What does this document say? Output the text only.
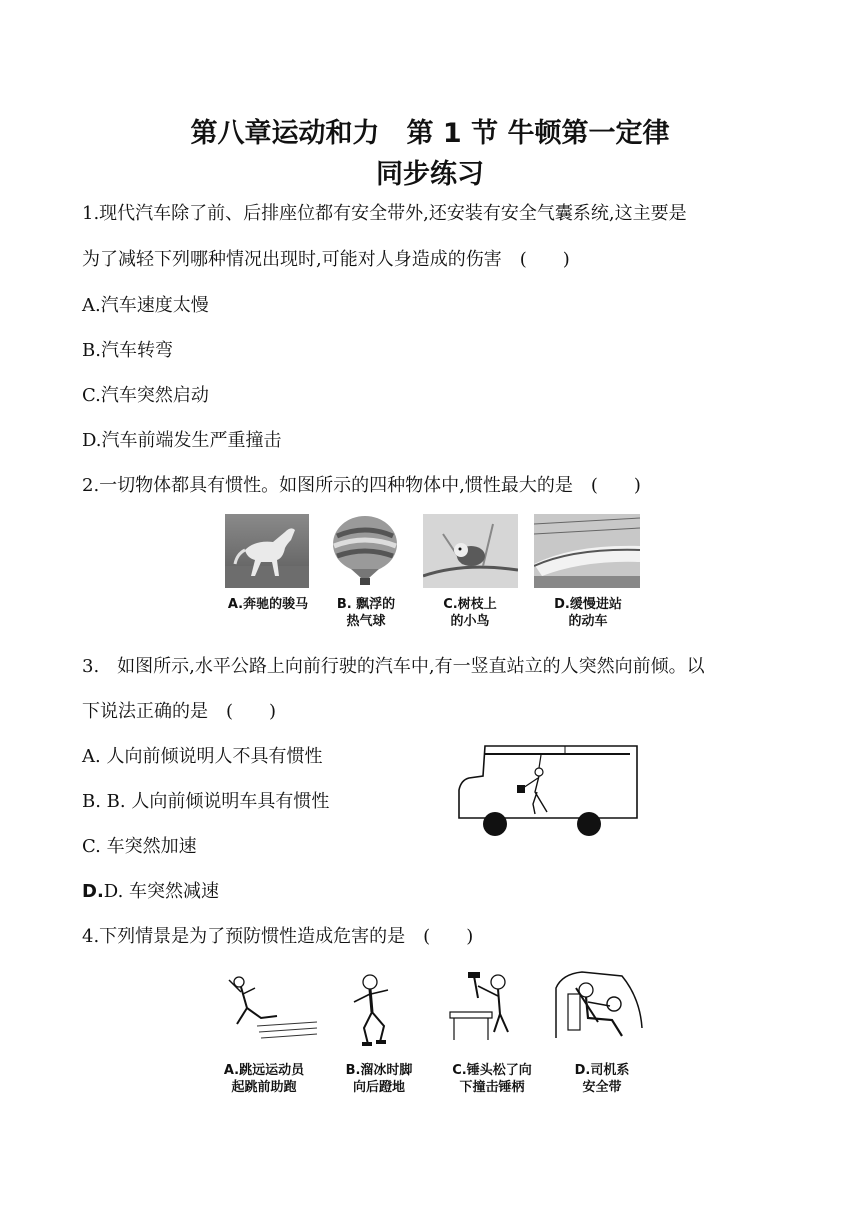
第八章运动和力　第 1 节 牛顿第一定律
同步练习
1.现代汽车除了前、后排座位都有安全带外,还安装有安全气囊系统,这主要是
为了减轻下列哪种情况出现时,可能对人身造成的伤害　(　　)
A.汽车速度太慢
B.汽车转弯
C.汽车突然启动
D.汽车前端发生严重撞击
2.一切物体都具有惯性。如图所示的四种物体中,惯性最大的是　(　　)
A.奔驰的骏马	B. 飘浮的
热气球
C.树枝上
的小鸟
D.缓慢进站
的动车
3.　如图所示,水平公路上向前行驶的汽车中,有一竖直站立的人突然向前倾。以
下说法正确的是　(　　)
A. 人向前倾说明人不具有惯性
B. B. 人向前倾说明车具有惯性
C. 车突然加速
D.D. 车突然减速
4.下列情景是为了预防惯性造成危害的是　(　　)
A.跳远运动员
起跳前助跑
B.溜冰时脚
向后蹬地
C.锤头松了向
下撞击锤柄
D.司机系
安全带
